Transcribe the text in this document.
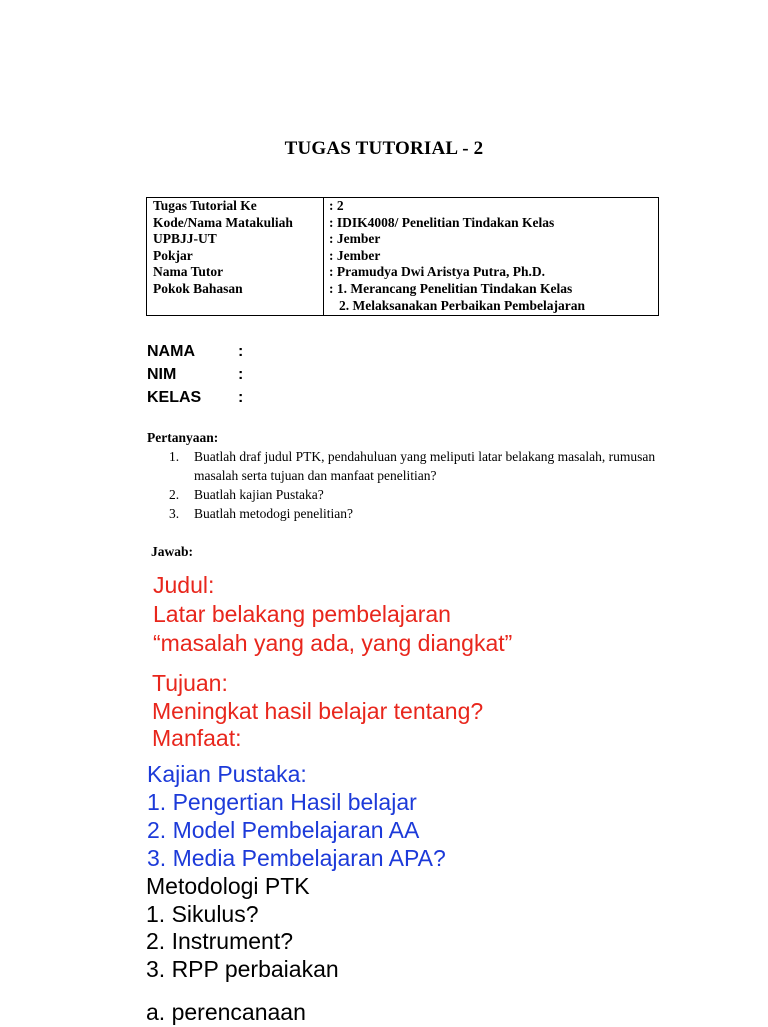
TUGAS TUTORIAL - 2
Tugas Tutorial Ke
Kode/Nama Matakuliah
UPBJJ-UT
Pokjar
Nama Tutor
Pokok Bahasan
: 2
: IDIK4008/ Penelitian Tindakan Kelas
: Jember
: Jember
: Pramudya Dwi Aristya Putra, Ph.D.
: 1. Merancang Penelitian Tindakan Kelas
2. Melaksanakan Perbaikan Pembelajaran
NAMA	:
NIM	:
KELAS :
Pertanyaan:
1. Buatlah draf judul PTK, pendahuluan yang meliputi latar belakang masalah, rumusan masalah serta tujuan dan manfaat penelitian?
2. Buatlah kajian Pustaka?
3. Buatlah metodogi penelitian?
Jawab:
Judul:
Latar belakang pembelajaran
“masalah yang ada, yang diangkat”
Tujuan:
Meningkat hasil belajar tentang?
Manfaat:
Kajian Pustaka:
1. Pengertian Hasil belajar
2. Model Pembelajaran AA
3. Media Pembelajaran APA?
Metodologi PTK
1. Sikulus?
2. Instrument?
3. RPP perbaiakan
a. perencanaan
